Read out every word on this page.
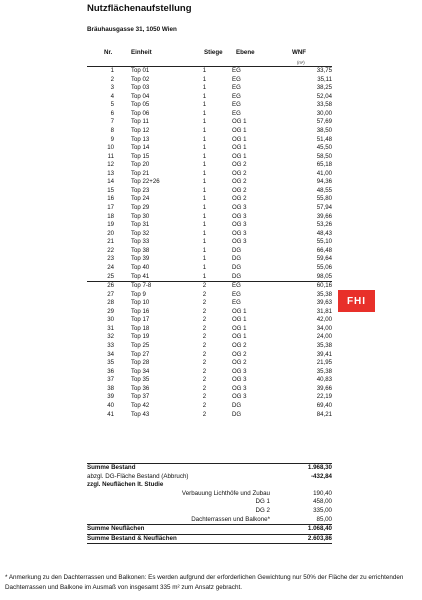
Nutzflächenaufstellung
Bräuhausgasse 31, 1050 Wien
Nr.	Einheit	Stiege Ebene	WNF
(m²)
1	Top 01	1	EG	33,75
2	Top 02	1	EG	35,11
3	Top 03	1	EG	38,25
4	Top 04	1	EG	52,04
5	Top 05	1	EG	33,58
6	Top 06	1	EG	30,00
7	Top 11	1	OG 1	57,69
8	Top 12	1	OG 1	38,50
9	Top 13	1	OG 1	51,48
10	Top 14	1	OG 1	45,50
11	Top 15	1	OG 1	58,50
12	Top 20	1	OG 2	65,18
13	Top 21	1	OG 2	41,00
14	Top 22+26	1	OG 2	94,36
15	Top 23	1	OG 2	48,55
16	Top 24	1	OG 2	55,80
17	Top 29	1	OG 3	57,94
18	Top 30	1	OG 3	39,66
19	Top 31	1	OG 3	53,26
20	Top 32	1	OG 3	48,43
21	Top 33	1	OG 3	55,10
22	Top 38	1	DG	66,48
23	Top 39	1	DG	59,64
24	Top 40	1	DG	55,06
25	Top 41	1	DG	98,05
26	Top 7-8	2	EG	60,16
27	Top 9	2	EG	35,38
28	Top 10	2	EG	39,63
29	Top 16	2	OG 1	31,81
30	Top 17	2	OG 1	42,00
31	Top 18	2	OG 1	34,00
32	Top 19	2	OG 1	24,00
33	Top 25	2	OG 2	35,38
34	Top 27	2	OG 2	39,41
35	Top 28	2	OG 2	21,95
36	Top 34	2	OG 3	35,38
37	Top 35	2	OG 3	40,83
38	Top 36	2	OG 3	39,66
39	Top 37	2	OG 3	22,19
40	Top 42	2	DG	69,40
41	Top 43	2	DG	84,21
Summe Bestand	1.968,30
abzgl. DG-Fläche Bestand (Abbruch)	-432,84
zzgl. Neuflächen lt. Studie
Verbauung Lichthöfe und Zubau	190,40
DG 1	458,00
DG 2	335,00
Dachterrassen und Balkone*	85,00
Summe Neuflächen	1.068,40
Summe Bestand & Neuflächen	2.603,86
FHI
* Anmerkung zu den Dachterrassen und Balkonen: Es werden aufgrund der erforderlichen Gewichtung nur 50% der Fläche der zu errichtenden Dachterrassen und Balkone im Ausmaß von insgesamt 335 m² zum Ansatz gebracht.
